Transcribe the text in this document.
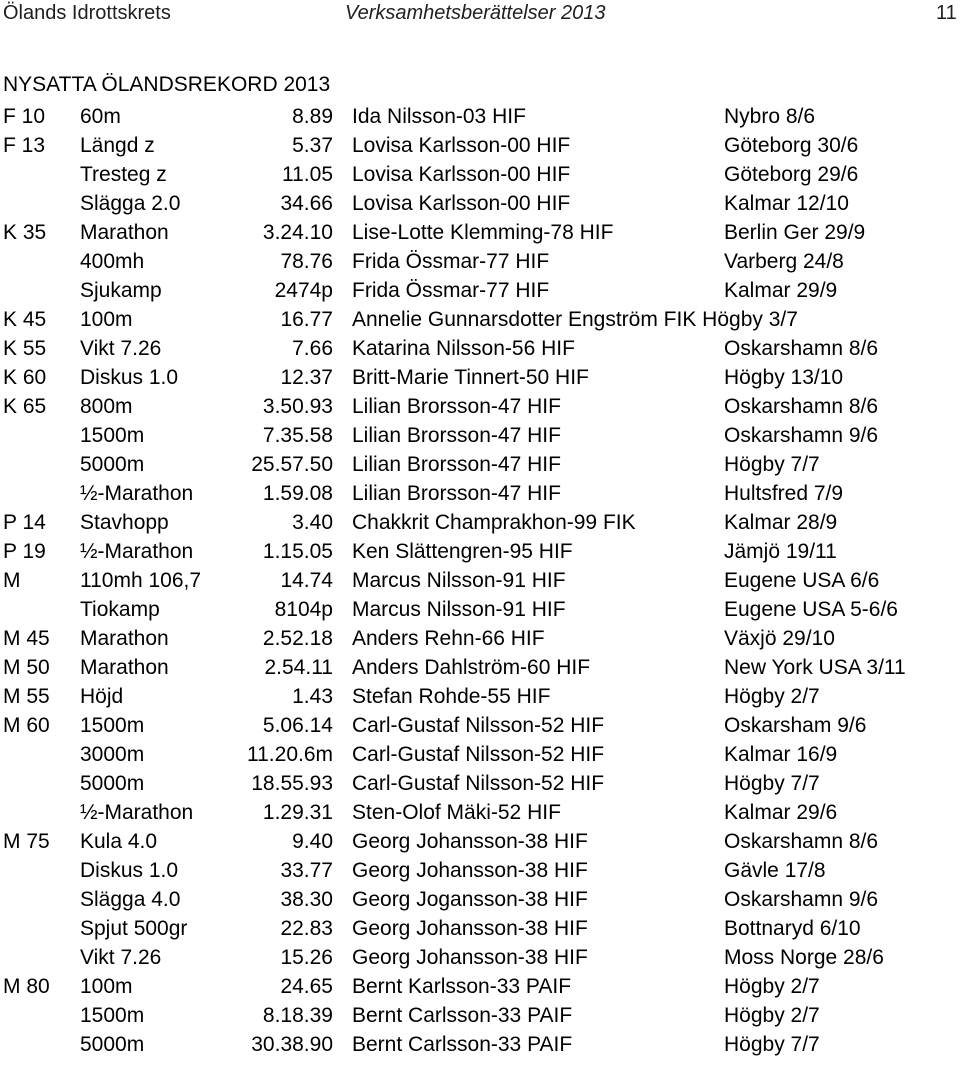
Ölands Idrottskrets	Verksamhetsberättelser 2013	11
NYSATTA ÖLANDSREKORD 2013
F 10 60m	8.89 Ida Nilsson-03 HIF	Nybro 8/6
F 13 Längd z	5.37 Lovisa Karlsson-00 HIF	Göteborg 30/6
Tresteg z	11.05 Lovisa Karlsson-00 HIF	Göteborg 29/6
Slägga 2.0	34.66 Lovisa Karlsson-00 HIF	Kalmar 12/10
K 35 Marathon	3.24.10 Lise-Lotte Klemming-78 HIF	Berlin Ger 29/9
400mh	78.76 Frida Össmar-77 HIF	Varberg 24/8
Sjukamp	2474p Frida Össmar-77 HIF	Kalmar 29/9
K 45 100m	16.77 Annelie Gunnarsdotter Engström FIK Högby 3/7
K 55 Vikt 7.26	7.66 Katarina Nilsson-56 HIF	Oskarshamn 8/6
K 60 Diskus 1.0	12.37 Britt-Marie Tinnert-50 HIF	Högby 13/10
K 65 800m	3.50.93 Lilian Brorsson-47 HIF	Oskarshamn 8/6
1500m	7.35.58 Lilian Brorsson-47 HIF	Oskarshamn 9/6
5000m	25.57.50 Lilian Brorsson-47 HIF	Högby 7/7
½-Marathon	1.59.08 Lilian Brorsson-47 HIF	Hultsfred 7/9
P 14 Stavhopp	3.40 Chakkrit Champrakhon-99 FIK	Kalmar 28/9
P 19 ½-Marathon	1.15.05 Ken Slättengren-95 HIF	Jämjö 19/11
M	110mh 106,7	14.74 Marcus Nilsson-91 HIF	Eugene USA 6/6
Tiokamp	8104p Marcus Nilsson-91 HIF	Eugene USA 5-6/6
M 45 Marathon	2.52.18 Anders Rehn-66 HIF	Växjö 29/10
M 50 Marathon	2.54.11 Anders Dahlström-60 HIF	New York USA 3/11
M 55 Höjd	1.43 Stefan Rohde-55 HIF	Högby 2/7
M 60 1500m	5.06.14 Carl-Gustaf Nilsson-52 HIF	Oskarsham 9/6
3000m	11.20.6m Carl-Gustaf Nilsson-52 HIF	Kalmar 16/9
5000m	18.55.93 Carl-Gustaf Nilsson-52 HIF	Högby 7/7
½-Marathon	1.29.31 Sten-Olof Mäki-52 HIF	Kalmar 29/6
M 75 Kula 4.0	9.40 Georg Johansson-38 HIF	Oskarshamn 8/6
Diskus 1.0	33.77 Georg Johansson-38 HIF	Gävle 17/8
Slägga 4.0	38.30 Georg Jogansson-38 HIF	Oskarshamn 9/6
Spjut 500gr	22.83 Georg Johansson-38 HIF	Bottnaryd 6/10
Vikt 7.26	15.26 Georg Johansson-38 HIF	Moss Norge 28/6
M 80 100m	24.65 Bernt Karlsson-33 PAIF	Högby 2/7
1500m	8.18.39 Bernt Carlsson-33 PAIF	Högby 2/7
5000m	30.38.90 Bernt Carlsson-33 PAIF	Högby 7/7
